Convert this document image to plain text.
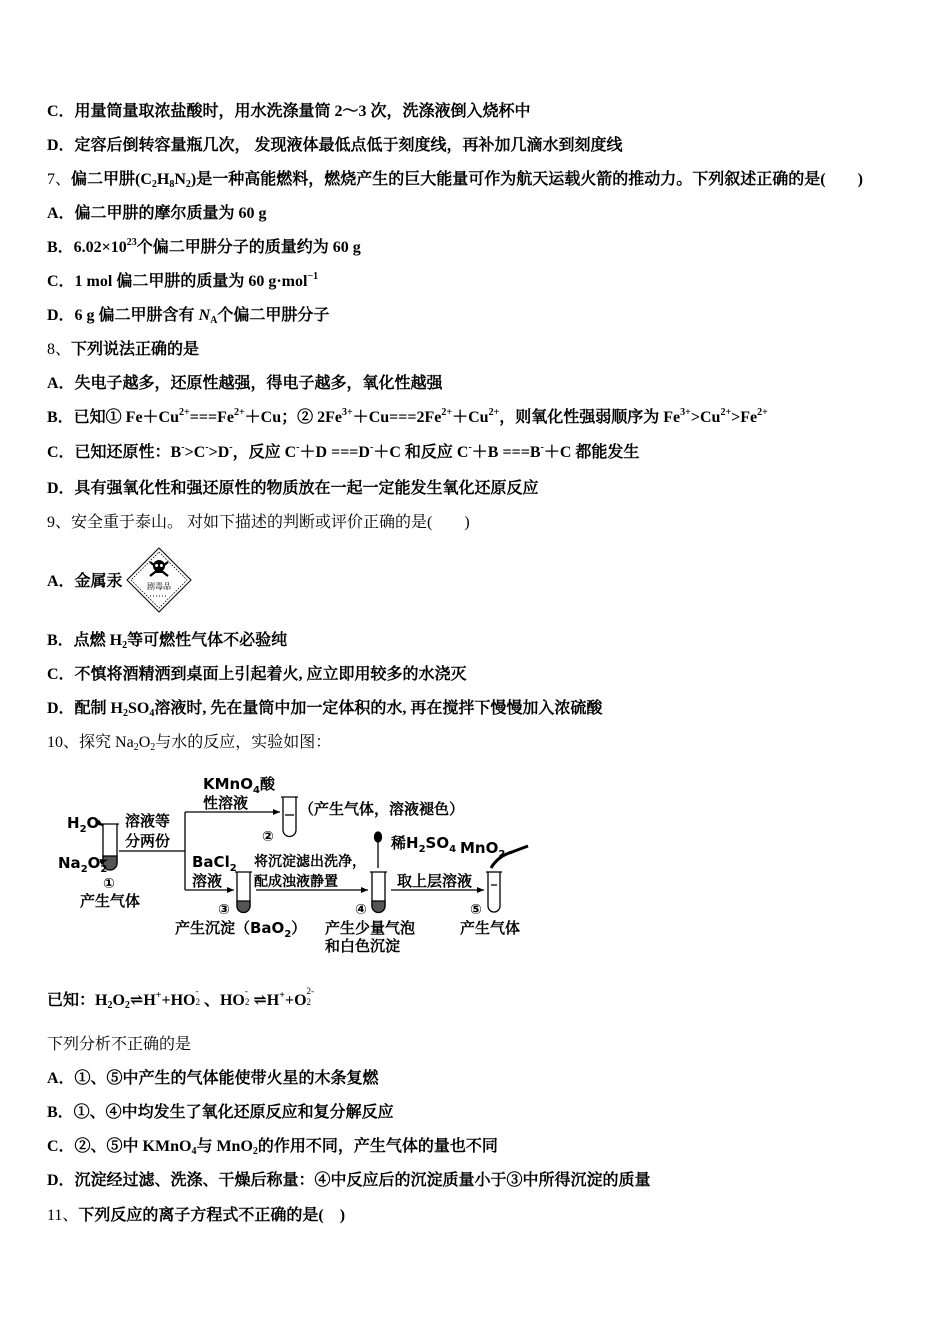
C．用量筒量取浓盐酸时，用水洗涤量筒 2～3 次，洗涤液倒入烧杯中
D．定容后倒转容量瓶几次， 发现液体最低点低于刻度线，再补加几滴水到刻度线
7、偏二甲肼$(C_2H_8N_2)$是一种高能燃料，燃烧产生的巨大能量可作为航天运载火箭的推动力。下列叙述正确的是(        )
A．偏二甲肼的摩尔质量为 60 g
B．$6.02\times 10^{23}$个偏二甲肼分子的质量约为 60 g
C．1 mol 偏二甲肼的质量为 60 g·mol$^{-1}$
D．6 g 偏二甲肼含有 $N_A$个偏二甲肼分子
8、下列说法正确的是
A．失电子越多，还原性越强，得电子越多，氧化性越强
B．已知① $Fe+Cu^{2+}===Fe^{2+}+Cu$；② $2Fe^{3+}+Cu===2Fe^{2+}+Cu^{2+}$，则氧化性强弱顺序为 $Fe^{3+}>Cu^{2+}>Fe^{2+}$
C．已知还原性：B->C->D-，反应 C-＋D ===D-＋C 和反应 C-＋B ===B-＋C 都能发生
D．具有强氧化性和强还原性的物质放在一起一定能发生氧化还原反应
9、安全重于泰山。 对如下描述的判断或评价正确的是(        )
A．金属汞	剧毒品
B．点燃 $H_2$等可燃性气体不必验纯
C．不慎将酒精洒到桌面上引起着火, 应立即用较多的水浇灭
D．配制 $H_2SO_4$溶液时, 先在量筒中加一定体积的水, 再在搅拌下慢慢加入浓硫酸
10、探究 $Na_2O_2$与水的反应，实验如图：
$H_2O$
$Na_2O_2$
①
产生气体
溶液等
分两份
KMnO$_4$酸
性溶液
②
（产生气体，溶液褪色）
BaCl$_2$
溶液
③
产生沉淀（BaO$_2$）
将沉淀滤出洗净，
配成浊液静置
稀$H_2SO_4$
④
产生少量气泡
和白色沉淀
MnO$_2$
取上层溶液
⑤
产生气体
已知：$H_2O_2\rightleftharpoons H^++HO$
-
2 、HO
-
2 ⇌H++O
2-
2
下列分析不正确的是
A．①、⑤中产生的气体能使带火星的木条复燃
B．①、④中均发生了氧化还原反应和复分解反应
C．②、⑤中 KMnO$_4$与 MnO$_2$的作用不同，产生气体的量也不同
D．沉淀经过滤、洗涤、干燥后称量：④中反应后的沉淀质量小于③中所得沉淀的质量
11、下列反应的离子方程式不正确的是(    )
